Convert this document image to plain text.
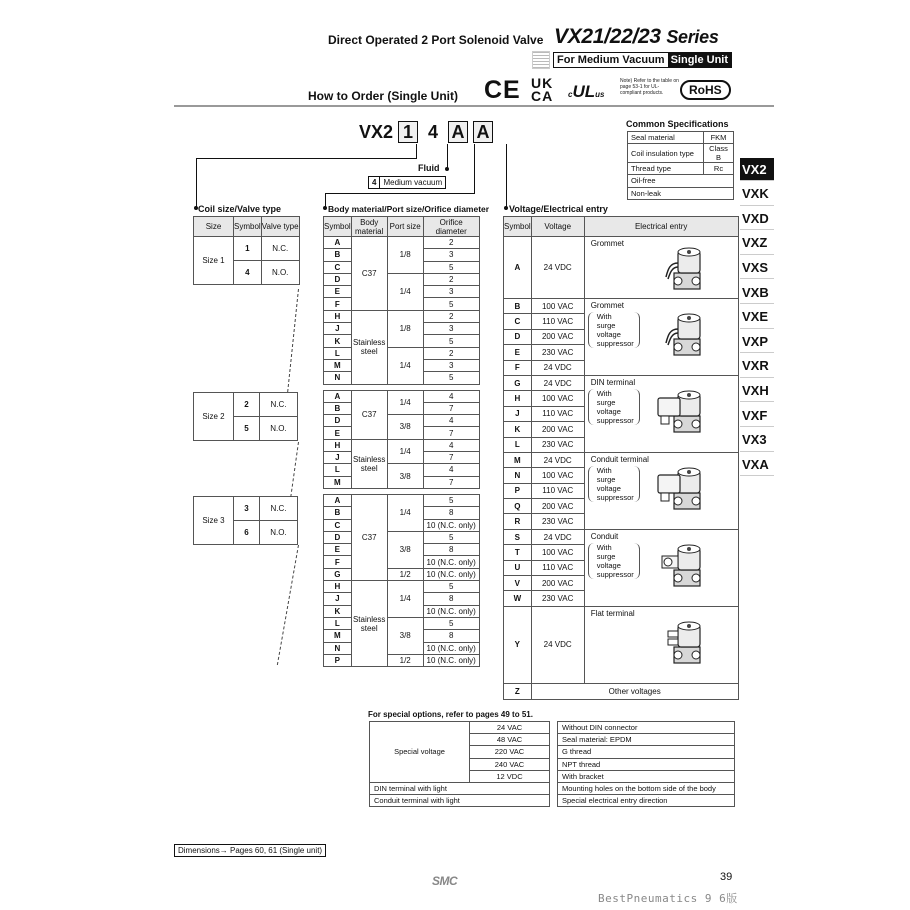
Direct Operated 2 Port Solenoid Valve VX21/22/23 Series
For Medium Vacuum Single Unit
How to Order (Single Unit) CE UK
CA cULus
Note) Refer to the table on page 53-1 for UL-compliant products.	RoHS
VX2 1 4 A A
Fluid
4 Medium vacuum
Common Specifications
Seal material	FKM
Coil insulation type	Class B
Thread type	Rc
Oil-free	
Non-leak	
VX2
VXK
VXD
VXZ
VXS
VXB
VXE
VXP
VXR
VXH
VXF
VX3
VXA
Coil size/Valve type	Body material/Port size/Orifice diameter Voltage/Electrical entry
Size	Symbol	Valve type
Size 1	1	N.C.
	4	N.O.
Size 2	2	N.C.
	5	N.O.
Size 3	3	N.C.
	6	N.O.
Symbol	Body material	Port size	Orifice diameter
A	C37	1/8	2
B			3
C			5
D		1/4	2
E			3
F			5
H	Stainless steel	1/8	2
J			3
K			5
L		1/4	2
M			3
N			5

A	C37	1/4	4
B			7
D		3/8	4
E			7
H	Stainless steel	1/4	4
J			7
L		3/8	4
M			7

A	C37	1/4	5
B			8
C			10 (N.C. only)
D		3/8	5
E			8
F			10 (N.C. only)
G		1/2	10 (N.C. only)
H	Stainless steel	1/4	5
J			8
K			10 (N.C. only)
L		3/8	5
M			8
N			10 (N.C. only)
P		1/2	10 (N.C. only)
Symbol	Voltage	Electrical entry
A	24 VDC	Grommet

B	100 VAC	Grommet
With surge voltage suppressor

C	110 VAC	
D	200 VAC	
E	230 VAC	
F	24 VDC	
G	24 VDC	DIN terminal
With surge voltage suppressor

H	100 VAC	
J	110 VAC	
K	200 VAC	
L	230 VAC	
M	24 VDC	Conduit terminal
With surge voltage suppressor

N	100 VAC	
P	110 VAC	
Q	200 VAC	
R	230 VAC	
S	24 VDC	Conduit
With surge voltage suppressor

T	100 VAC	
U	110 VAC	
V	200 VAC	
W	230 VAC	
Y	24 VDC	Flat terminal

Z	Other voltages	
For special options, refer to pages 49 to 51.
Special voltage	24 VAC
48 VAC
220 VAC
240 VAC
12 VDC
DIN terminal with light
Conduit terminal with light
Without DIN connector
Seal material: EPDM
G thread
NPT thread
With bracket
Mounting holes on the bottom side of the body
Special electrical entry direction
Dimensions→ Pages 60, 61 (Single unit)
39
SMC
BestPneumatics 9 6版
